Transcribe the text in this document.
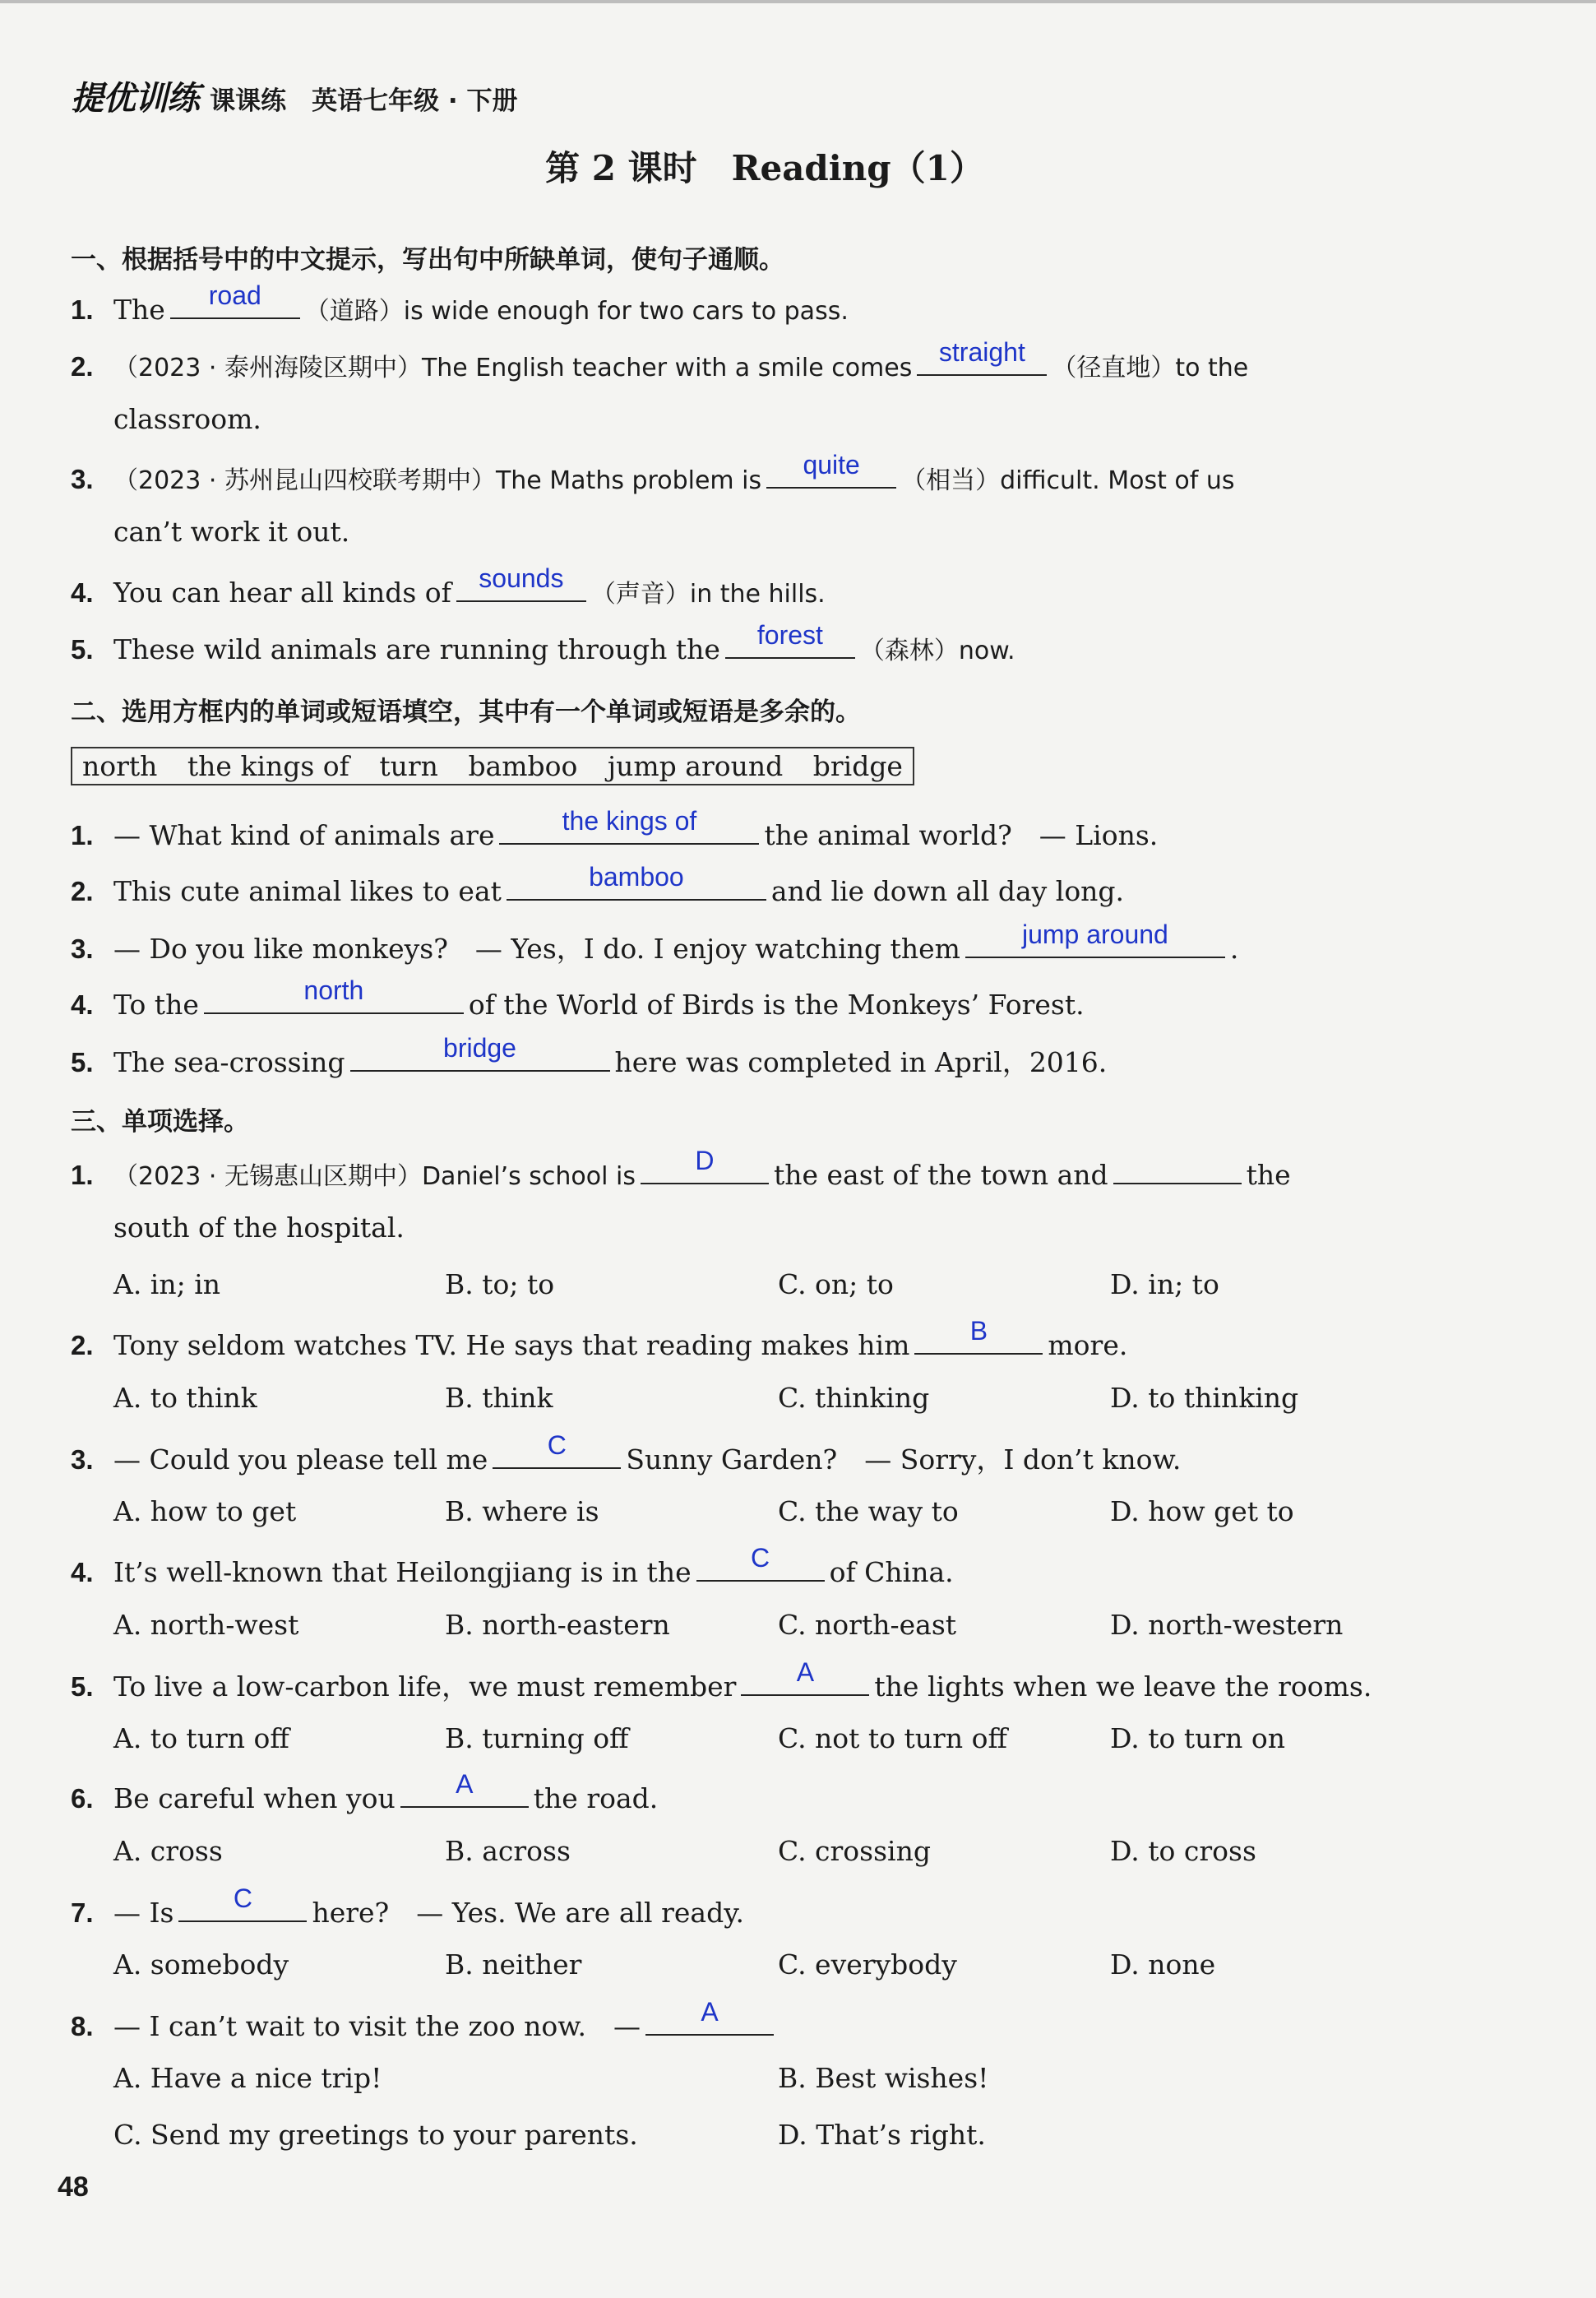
提优训练 课课练　英语七年级 · 下册
第 2 课时　Reading（1）
一、根据括号中的中文提示，写出句中所缺单词，使句子通顺。
1. The	road
（道路）is wide enough for two cars to pass.
2. （2023 · 泰州海陵区期中）The English teacher with a smile comes
straight
（径直地）to the
classroom.
3. （2023 · 苏州昆山四校联考期中）The Maths problem is
quite
（相当）difficult. Most of us
can’t work it out.
4. You can hear all kinds of	sounds
（声音）in the hills.
5. These wild animals are running through the	forest
（森林）now.
二、选用方框内的单词或短语填空，其中有一个单词或短语是多余的。
north the kings of turn bamboo jump around bridge
1. — What kind of animals are	the kings of	the animal world?　— Lions.
2. This cute animal likes to eat	bamboo	and lie down all day long.
3. — Do you like monkeys?　— Yes，I do. I enjoy watching them	jump around	.
4. To the	north	of the World of Birds is the Monkeys’ Forest.
5. The sea-crossing	bridge	here was completed in April，2016.
三、单项选择。
1. （2023 · 无锡惠山区期中）Daniel’s school is
D	the east of the town and	the
south of the hospital.
A. in; in	B. to; to	C. on; to	D. in; to
2. Tony seldom watches TV. He says that reading makes him	B	more.
A. to think	B. think	C. thinking	D. to thinking
3. — Could you please tell me	C	Sunny Garden?　— Sorry，I don’t know.
A. how to get	B. where is	C. the way to	D. how get to
4. It’s well-known that Heilongjiang is in the	C	of China.
A. north-west	B. north-eastern	C. north-east	D. north-western
5. To live a low-carbon life，we must remember	A	the lights when we leave the rooms.
A. to turn off	B. turning off	C. not to turn off	D. to turn on
6. Be careful when you	A	the road.
A. cross	B. across	C. crossing	D. to cross
7. — Is	C	here?　— Yes. We are all ready.
A. somebody	B. neither	C. everybody	D. none
8. — I can’t wait to visit the zoo now.　—	A
A. Have a nice trip!	B. Best wishes!
C. Send my greetings to your parents.	D. That’s right.
48
